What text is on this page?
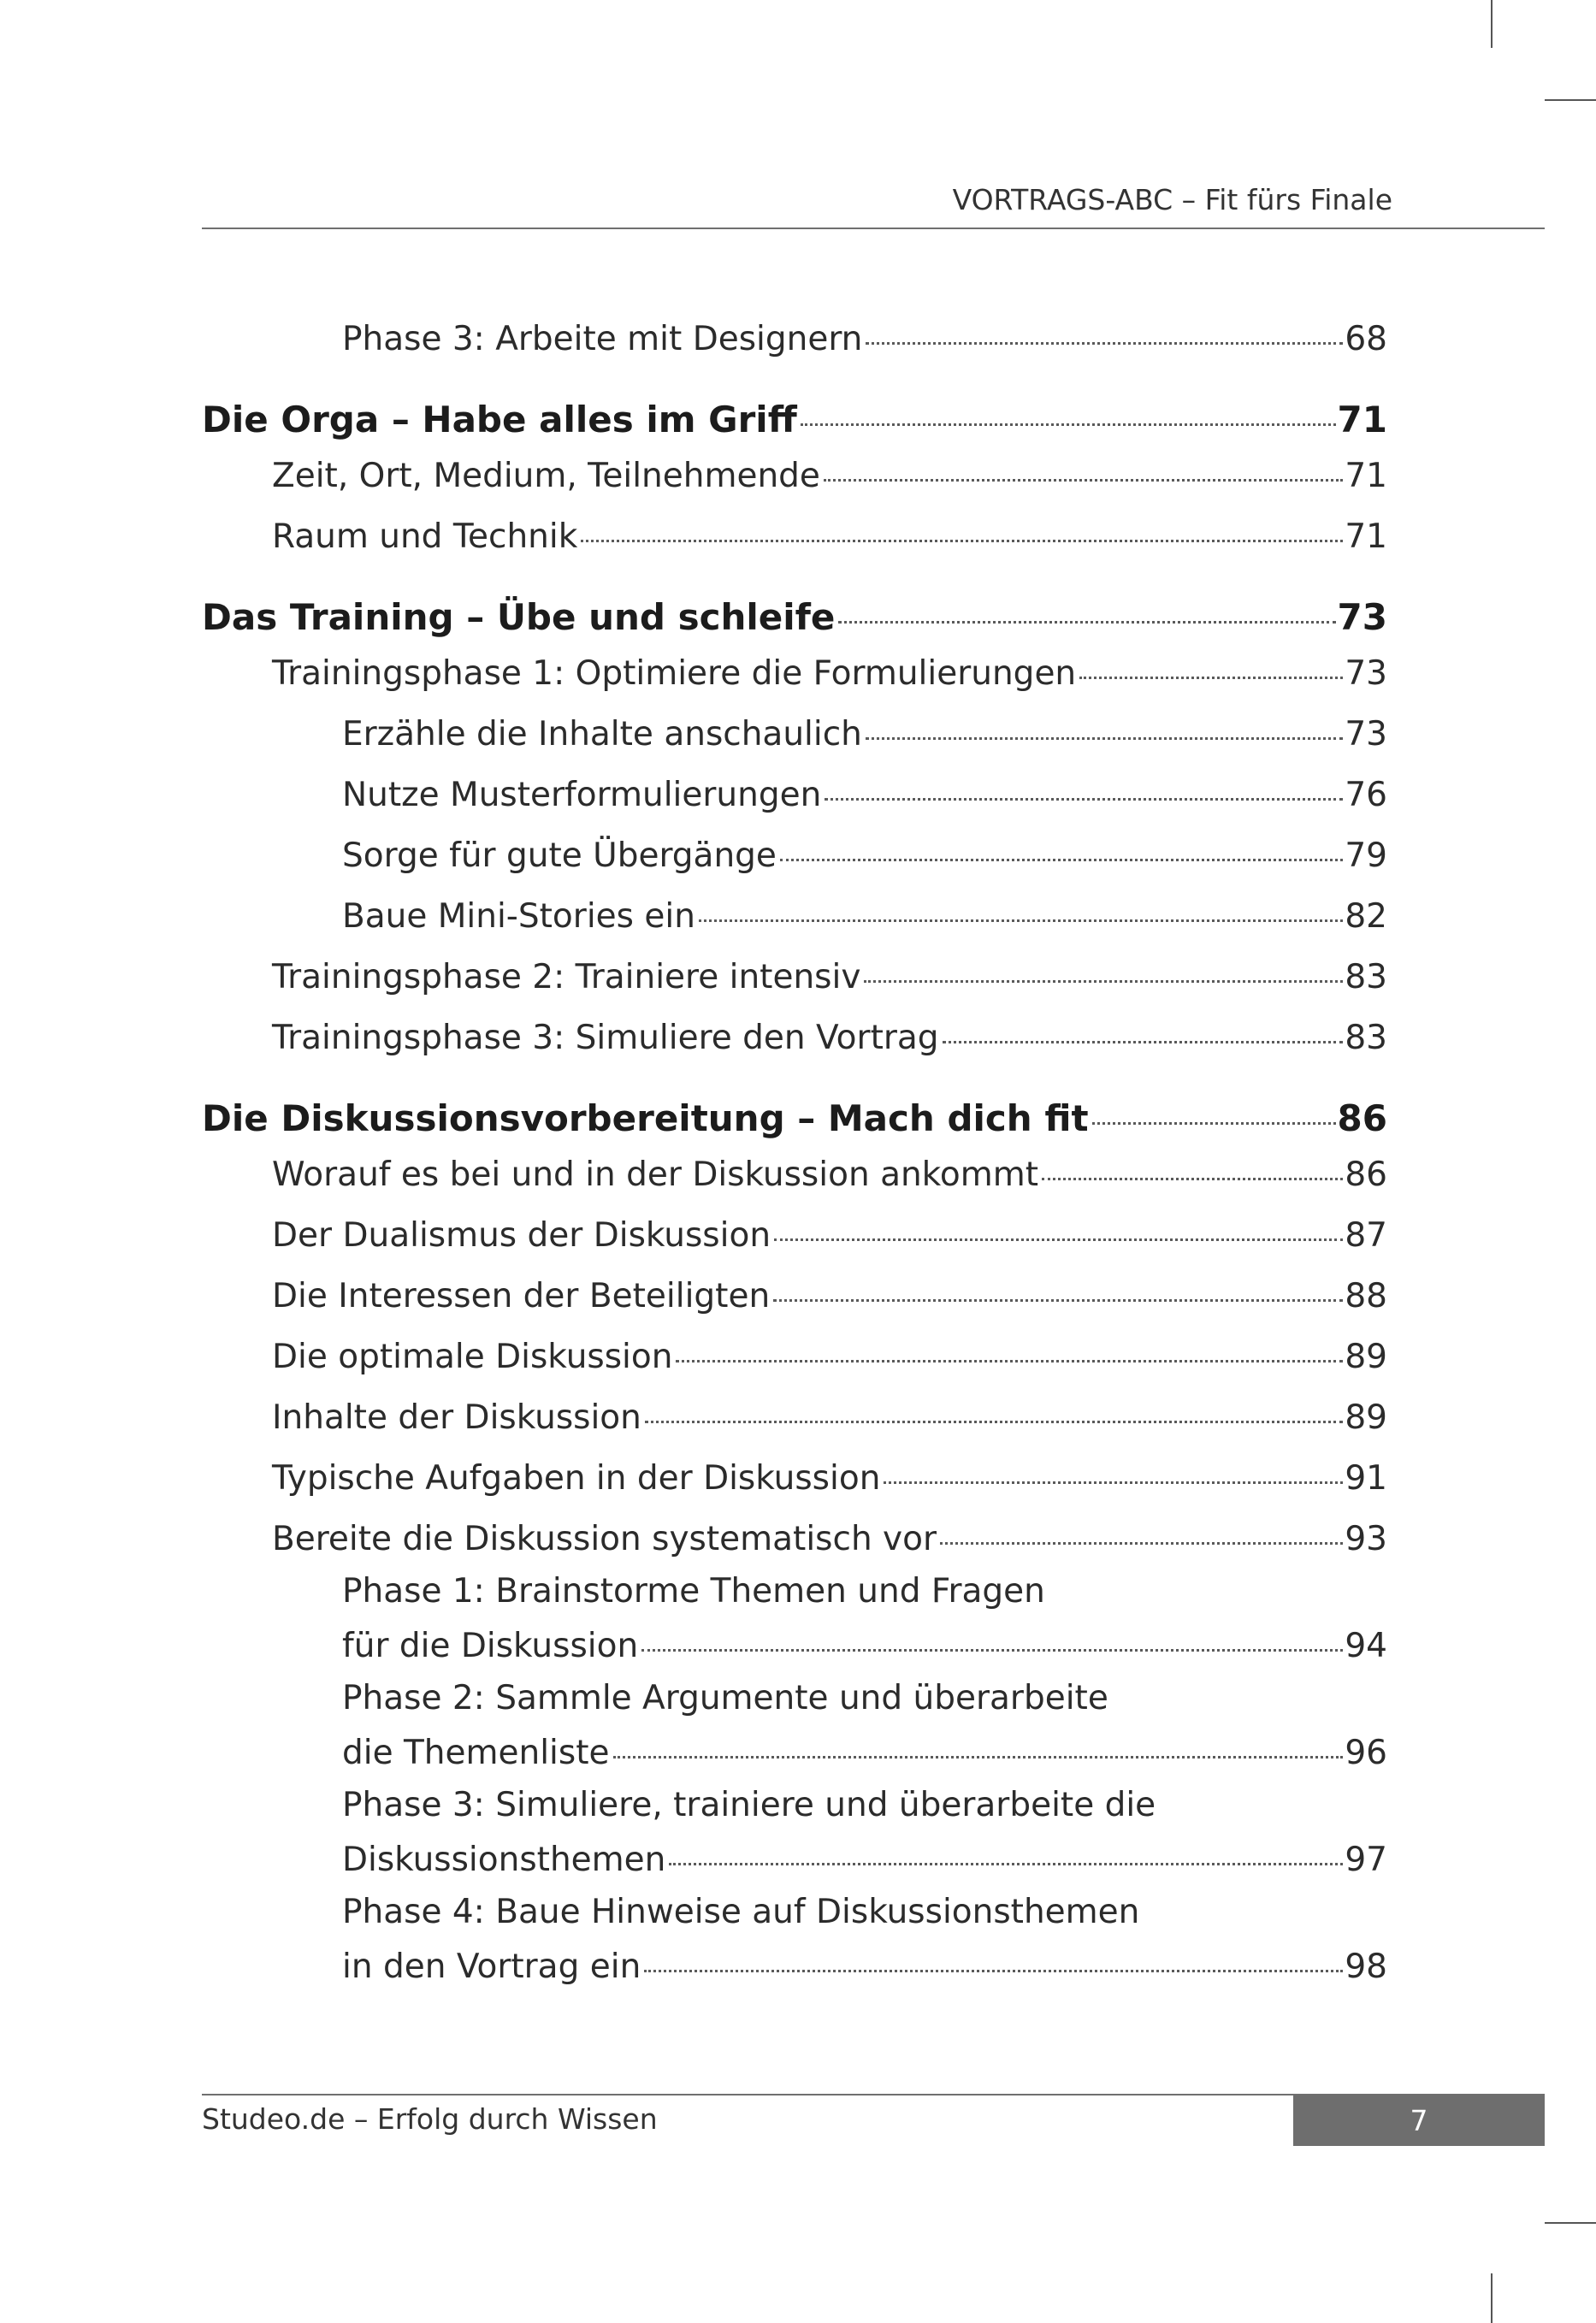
VORTRAGS-ABC – Fit fürs Finale
Phase 3: Arbeite mit Designern	68
Die Orga – Habe alles im Griff	71
Zeit, Ort, Medium, Teilnehmende	71
Raum und Technik	71
Das Training – Übe und schleife	73
Trainingsphase 1: Optimiere die Formulierungen	73
Erzähle die Inhalte anschaulich	73
Nutze Musterformulierungen	76
Sorge für gute Übergänge	79
Baue Mini-Stories ein	82
Trainingsphase 2: Trainiere intensiv	83
Trainingsphase 3: Simuliere den Vortrag	83
Die Diskussionsvorbereitung – Mach dich fit	86
Worauf es bei und in der Diskussion ankommt	86
Der Dualismus der Diskussion	87
Die Interessen der Beteiligten	88
Die optimale Diskussion	89
Inhalte der Diskussion	89
Typische Aufgaben in der Diskussion	91
Bereite die Diskussion systematisch vor	93
Phase 1: Brainstorme Themen und Fragen
für die Diskussion	94
Phase 2: Sammle Argumente und überarbeite
die Themenliste	96
Phase 3: Simuliere, trainiere und überarbeite die
Diskussionsthemen	97
Phase 4: Baue Hinweise auf Diskussionsthemen
in den Vortrag ein	98
Studeo.de – Erfolg durch Wissen	7
